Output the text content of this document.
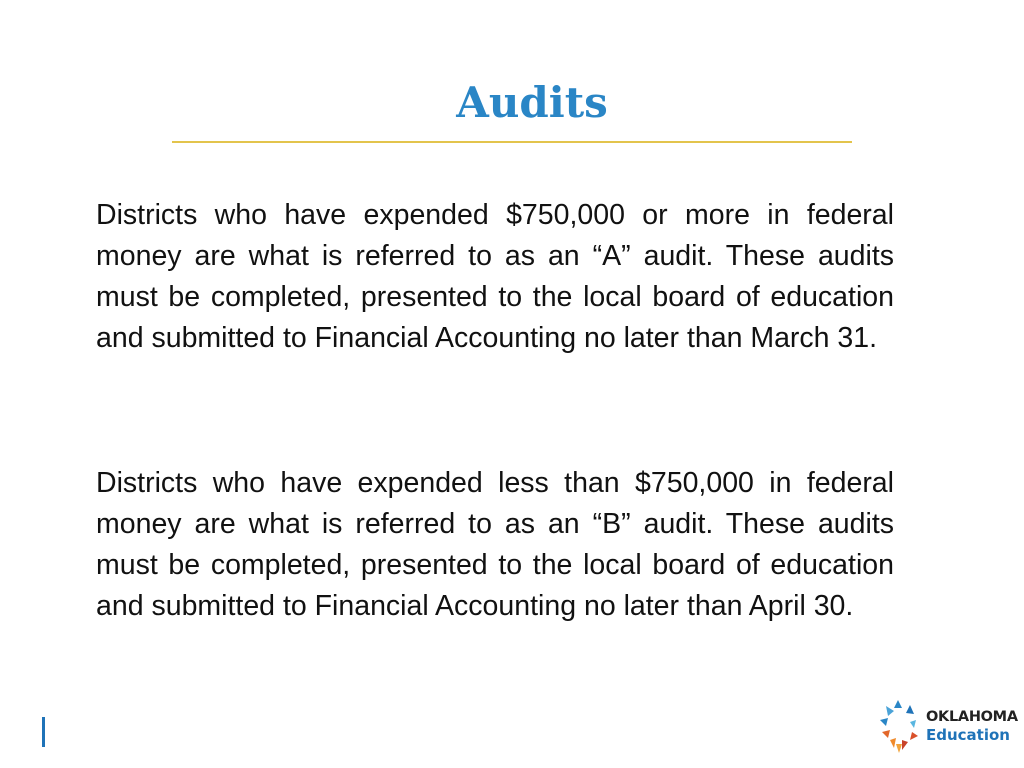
Audits

Districts who have expended $750,000 or more in federal money are what is referred to as an “A” audit. These audits must be completed, presented to the local board of education and submitted to Financial Accounting no later than March 31.

Districts who have expended less than $750,000 in federal money are what is referred to as an “B” audit. These audits must be completed, presented to the local board of education and submitted to Financial Accounting no later than April 30.

OKLAHOMA
Education
